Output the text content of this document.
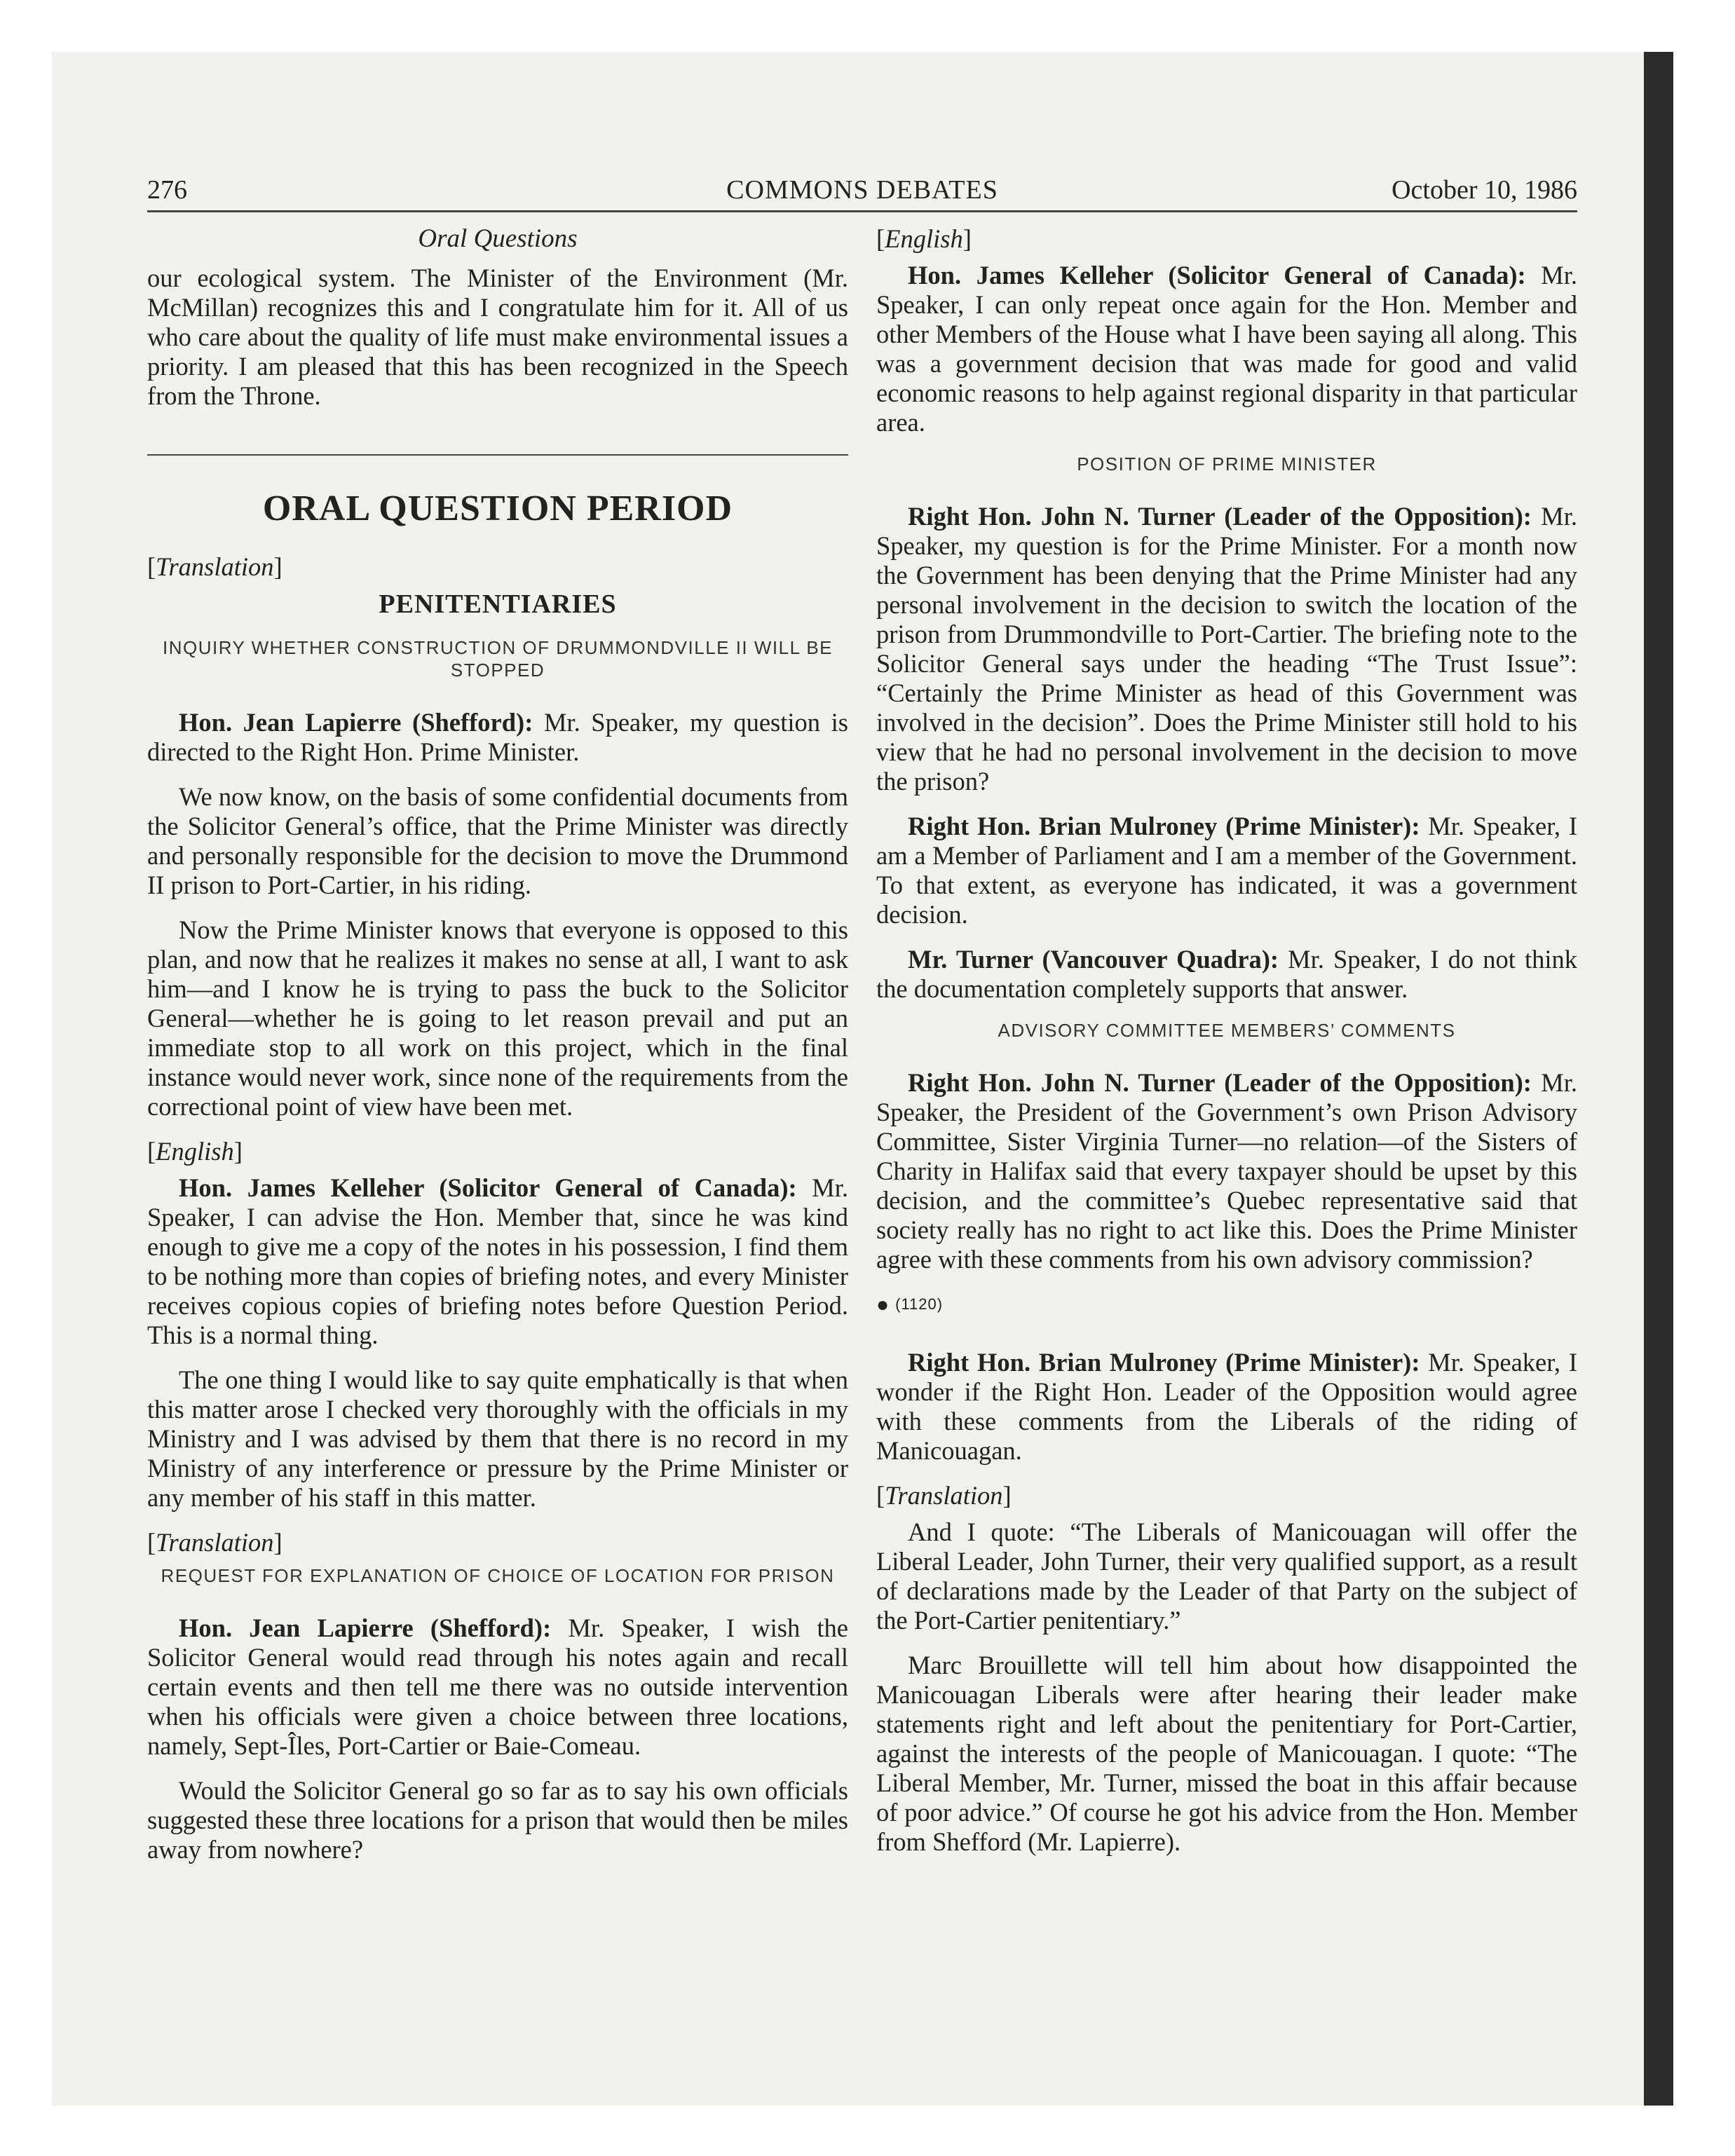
276	COMMONS DEBATES	October 10, 1986
Oral Questions

our ecological system. The Minister of the Environment (Mr. McMillan) recognizes this and I congratulate him for it. All of us who care about the quality of life must make environmental issues a priority. I am pleased that this has been recognized in the Speech from the Throne.

ORAL QUESTION PERIOD
[Translation]
PENITENTIARIES
INQUIRY WHETHER CONSTRUCTION OF DRUMMONDVILLE II WILL BE STOPPED

Hon. Jean Lapierre (Shefford): Mr. Speaker, my question is directed to the Right Hon. Prime Minister.

We now know, on the basis of some confidential documents from the Solicitor General’s office, that the Prime Minister was directly and personally responsible for the decision to move the Drummond II prison to Port-Cartier, in his riding.

Now the Prime Minister knows that everyone is opposed to this plan, and now that he realizes it makes no sense at all, I want to ask him—and I know he is trying to pass the buck to the Solicitor General—whether he is going to let reason prevail and put an immediate stop to all work on this project, which in the final instance would never work, since none of the requirements from the correctional point of view have been met.

[English]

Hon. James Kelleher (Solicitor General of Canada): Mr. Speaker, I can advise the Hon. Member that, since he was kind enough to give me a copy of the notes in his possession, I find them to be nothing more than copies of briefing notes, and every Minister receives copious copies of briefing notes before Question Period. This is a normal thing.

The one thing I would like to say quite emphatically is that when this matter arose I checked very thoroughly with the officials in my Ministry and I was advised by them that there is no record in my Ministry of any interference or pressure by the Prime Minister or any member of his staff in this matter.

[Translation]
REQUEST FOR EXPLANATION OF CHOICE OF LOCATION FOR PRISON

Hon. Jean Lapierre (Shefford): Mr. Speaker, I wish the Solicitor General would read through his notes again and recall certain events and then tell me there was no outside intervention when his officials were given a choice between three locations, namely, Sept-Îles, Port-Cartier or Baie-Comeau.

Would the Solicitor General go so far as to say his own officials suggested these three locations for a prison that would then be miles away from nowhere?

[English]

Hon. James Kelleher (Solicitor General of Canada): Mr. Speaker, I can only repeat once again for the Hon. Member and other Members of the House what I have been saying all along. This was a government decision that was made for good and valid economic reasons to help against regional disparity in that particular area.

POSITION OF PRIME MINISTER

Right Hon. John N. Turner (Leader of the Opposition): Mr. Speaker, my question is for the Prime Minister. For a month now the Government has been denying that the Prime Minister had any personal involvement in the decision to switch the location of the prison from Drummondville to Port-Cartier. The briefing note to the Solicitor General says under the heading “The Trust Issue”: “Certainly the Prime Minister as head of this Government was involved in the decision”. Does the Prime Minister still hold to his view that he had no personal involvement in the decision to move the prison?

Right Hon. Brian Mulroney (Prime Minister): Mr. Speaker, I am a Member of Parliament and I am a member of the Government. To that extent, as everyone has indicated, it was a government decision.

Mr. Turner (Vancouver Quadra): Mr. Speaker, I do not think the documentation completely supports that answer.

ADVISORY COMMITTEE MEMBERS’ COMMENTS

Right Hon. John N. Turner (Leader of the Opposition): Mr. Speaker, the President of the Government’s own Prison Advisory Committee, Sister Virginia Turner—no relation—of the Sisters of Charity in Halifax said that every taxpayer should be upset by this decision, and the committee’s Quebec representative said that society really has no right to act like this. Does the Prime Minister agree with these comments from his own advisory commission?

● (1120)

Right Hon. Brian Mulroney (Prime Minister): Mr. Speaker, I wonder if the Right Hon. Leader of the Opposition would agree with these comments from the Liberals of the riding of Manicouagan.

[Translation]

And I quote: “The Liberals of Manicouagan will offer the Liberal Leader, John Turner, their very qualified support, as a result of declarations made by the Leader of that Party on the subject of the Port-Cartier penitentiary.”

Marc Brouillette will tell him about how disappointed the Manicouagan Liberals were after hearing their leader make statements right and left about the penitentiary for Port-Cartier, against the interests of the people of Manicouagan. I quote: “The Liberal Member, Mr. Turner, missed the boat in this affair because of poor advice.” Of course he got his advice from the Hon. Member from Shefford (Mr. Lapierre).
